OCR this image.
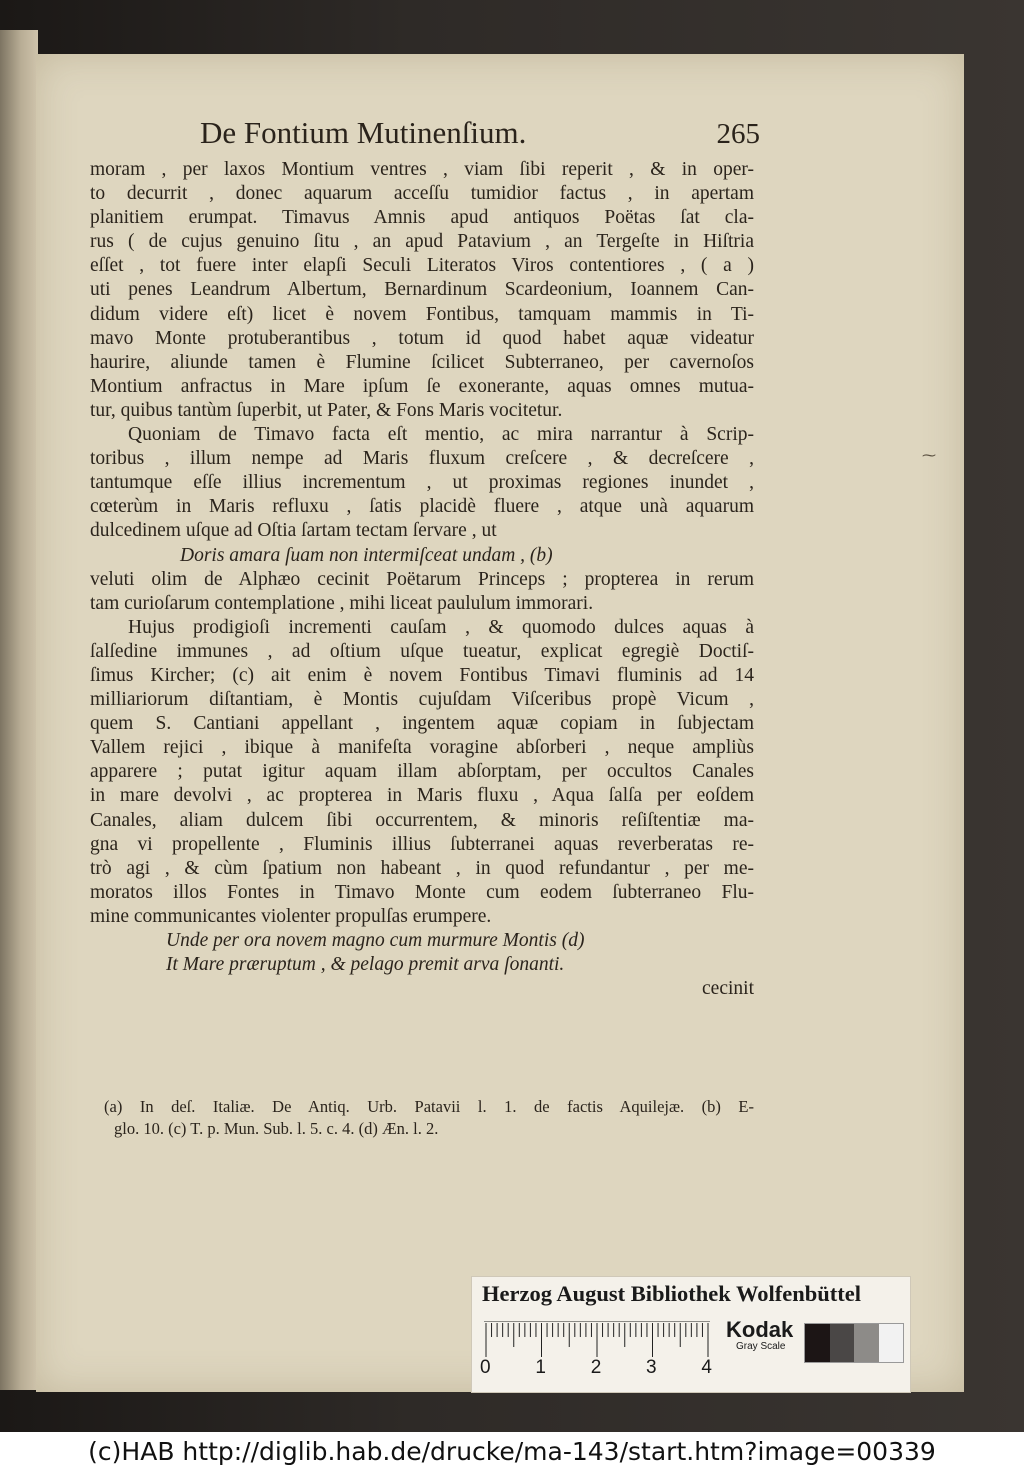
De Fontium Mutinenſium.	265
moram , per laxos Montium ventres , viam ſibi reperit , & in oper-
to decurrit , donec aquarum acceſſu tumidior factus , in apertam
planitiem erumpat. Timavus Amnis apud antiquos Poëtas ſat cla-
rus ( de cujus genuino ſitu , an apud Patavium , an Tergeſte in Hiſtria
eſſet , tot fuere inter elapſi Seculi Literatos Viros contentiores , ( a )
uti penes Leandrum Albertum, Bernardinum Scardeonium, Ioannem Can-
didum videre eſt) licet è novem Fontibus, tamquam mammis in Ti-
mavo Monte protuberantibus , totum id quod habet aquæ videatur
haurire, aliunde tamen è Flumine ſcilicet Subterraneo, per cavernoſos
Montium anfractus in Mare ipſum ſe exonerante, aquas omnes mutua-
tur, quibus tantùm ſuperbit, ut Pater, & Fons Maris vocitetur.
Quoniam de Timavo facta eſt mentio, ac mira narrantur à Scrip-
toribus , illum nempe ad Maris fluxum creſcere , & decreſcere ,
tantumque eſſe illius incrementum , ut proximas regiones inundet ,
cœterùm in Maris refluxu , ſatis placidè fluere , atque unà aquarum
dulcedinem uſque ad Oſtia ſartam tectam ſervare , ut
Doris amara ſuam non intermiſceat undam , (b)
veluti olim de Alphæo cecinit Poëtarum Princeps ; propterea in rerum
tam curioſarum contemplatione , mihi liceat paululum immorari.
Hujus prodigioſi incrementi cauſam , & quomodo dulces aquas à
ſalſedine immunes , ad oſtium uſque tueatur, explicat egregiè Doctiſ-
ſimus Kircher; (c) ait enim è novem Fontibus Timavi fluminis ad 14
milliariorum diſtantiam, è Montis cujuſdam Viſceribus propè Vicum ,
quem S. Cantiani appellant , ingentem aquæ copiam in ſubjectam
Vallem rejici , ibique à manifeſta voragine abſorberi , neque ampliùs
apparere ; putat igitur aquam illam abſorptam, per occultos Canales
in mare devolvi , ac propterea in Maris fluxu , Aqua ſalſa per eoſdem
Canales, aliam dulcem ſibi occurrentem, & minoris reſiſtentiæ ma-
gna vi propellente , Fluminis illius ſubterranei aquas reverberatas re-
trò agi , & cùm ſpatium non habeant , in quod refundantur , per me-
moratos illos Fontes in Timavo Monte cum eodem ſubterraneo Flu-
mine communicantes violenter propulſas erumpere.
Unde per ora novem magno cum murmure Montis (d)
It Mare præruptum , & pelago premit arva ſonanti.
cecinit
(a) In deſ. Italiæ. De Antiq. Urb. Patavii l. 1. de factis Aquilejæ. (b) E-
glo. 10. (c) T. p. Mun. Sub. l. 5. c. 4. (d) Æn. l. 2.
⁓
Herzog August Bibliothek Wolfenbüttel
0 1 2 3 4
Kodak
Gray Scale
(c)HAB http://diglib.hab.de/drucke/ma-143/start.htm?image=00339
